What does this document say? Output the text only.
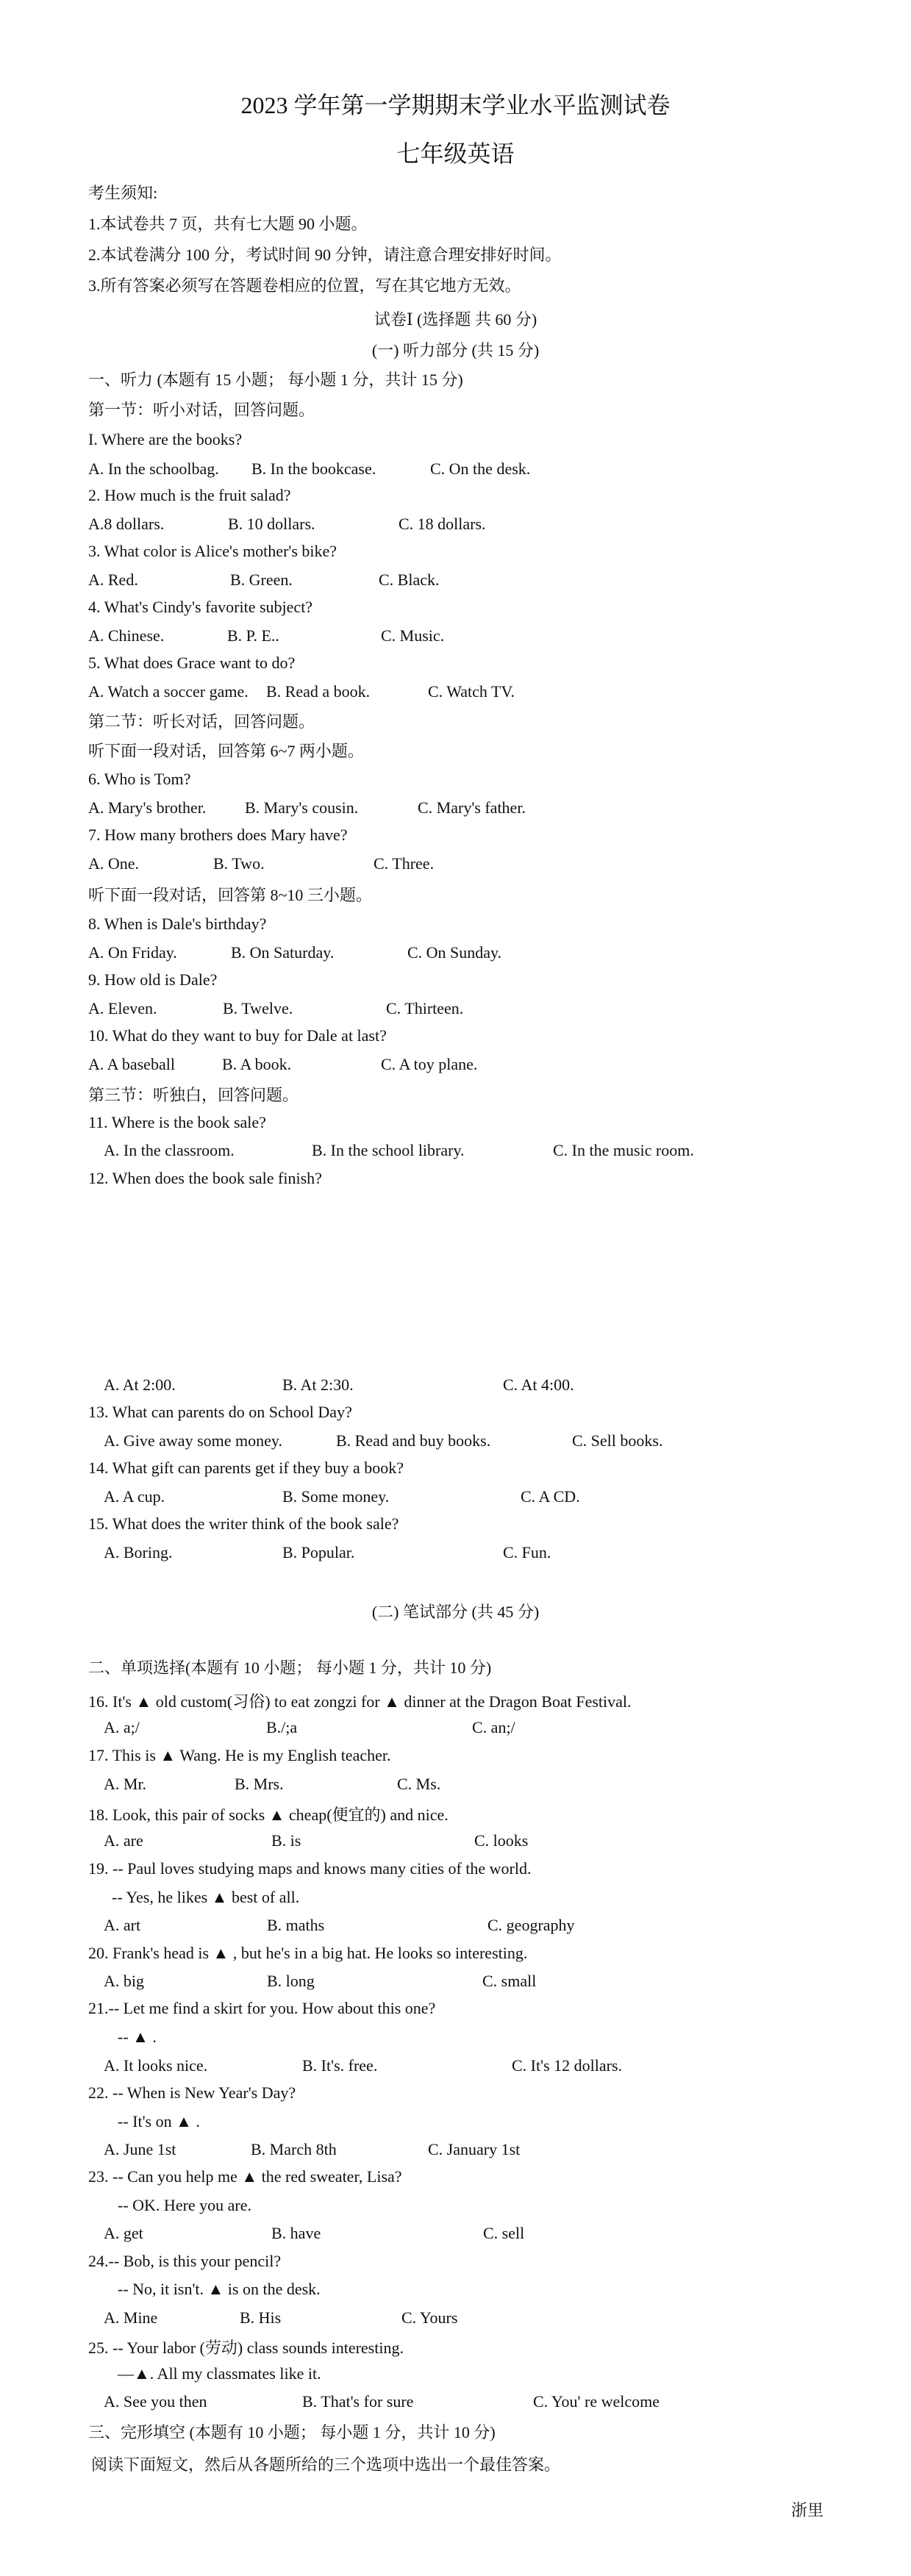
2023 学年第一学期期末学业水平监测试卷
七年级英语
考生须知:
1.本试卷共 7 页，共有七大题 90 小题。
2.本试卷满分 100 分，考试时间 90 分钟，请注意合理安排好时间。
3.所有答案必须写在答题卷相应的位置，写在其它地方无效。
试卷Ⅰ (选择题 共 60 分)
(一) 听力部分 (共 15 分)
一、听力 (本题有 15 小题； 每小题 1 分，共计 15 分)
第一节：听小对话，回答问题。
I. Where are the books?
A. In the schoolbag. B. In the bookcase.	C. On the desk.
2. How much is the fruit salad?
A.8 dollars.	B. 10 dollars.	C. 18 dollars.
3. What color is Alice's mother's bike?
A. Red.	B. Green.	C. Black.
4. What's Cindy's favorite subject?
A. Chinese.	B. P. E..	C. Music.
5. What does Grace want to do?
A. Watch a soccer game. B. Read a book.	C. Watch TV.
第二节：听长对话，回答问题。
听下面一段对话，回答第 6~7 两小题。
6. Who is Tom?
A. Mary's brother. B. Mary's cousin.	C. Mary's father.
7. How many brothers does Mary have?
A. One.	B. Two.	C. Three.
听下面一段对话，回答第 8~10 三小题。
8. When is Dale's birthday?
A. On Friday.	B. On Saturday.	C. On Sunday.
9. How old is Dale?
A. Eleven.	B. Twelve.	C. Thirteen.
10. What do they want to buy for Dale at last?
A. A baseball	B. A book.	C. A toy plane.
第三节：听独白，回答问题。
11. Where is the book sale?
A. In the classroom.	B. In the school library.	C. In the music room.
12. When does the book sale finish?
A. At 2:00.	B. At 2:30.	C. At 4:00.
13. What can parents do on School Day?
A. Give away some money.	B. Read and buy books.	C. Sell books.
14. What gift can parents get if they buy a book?
A. A cup.	B. Some money.	C. A CD.
15. What does the writer think of the book sale?
A. Boring.	B. Popular.	C. Fun.
(二) 笔试部分 (共 45 分)
二、单项选择(本题有 10 小题； 每小题 1 分，共计 10 分)
16. It's ▲ old custom(习俗) to eat zongzi for ▲ dinner at the Dragon Boat Festival.
A. a;/	B./;a	C. an;/
17. This is ▲ Wang. He is my English teacher.
A. Mr.	B. Mrs.	C. Ms.
18. Look, this pair of socks ▲ cheap(便宜的) and nice.
A. are	B. is	C. looks
19. -- Paul loves studying maps and knows many cities of the world.
-- Yes, he likes ▲ best of all.
A. art	B. maths	C. geography
20. Frank's head is ▲ , but he's in a big hat. He looks so interesting.
A. big	B. long	C. small
21.-- Let me find a skirt for you. How about this one?
-- ▲ .
A. It looks nice.	B. It's. free.	C. It's 12 dollars.
22. -- When is New Year's Day?
-- It's on ▲ .
A. June 1st	B. March 8th	C. January 1st
23. -- Can you help me ▲ the red sweater, Lisa?
-- OK. Here you are.
A. get	B. have	C. sell
24.-- Bob, is this your pencil?
-- No, it isn't. ▲ is on the desk.
A. Mine	B. His	C. Yours
25. -- Your labor (劳动) class sounds interesting.
—▲. All my classmates like it.
A. See you then	B. That's for sure	C. You' re welcome
三、完形填空 (本题有 10 小题； 每小题 1 分，共计 10 分)
阅读下面短文，然后从各题所给的三个选项中选出一个最佳答案。
浙里
